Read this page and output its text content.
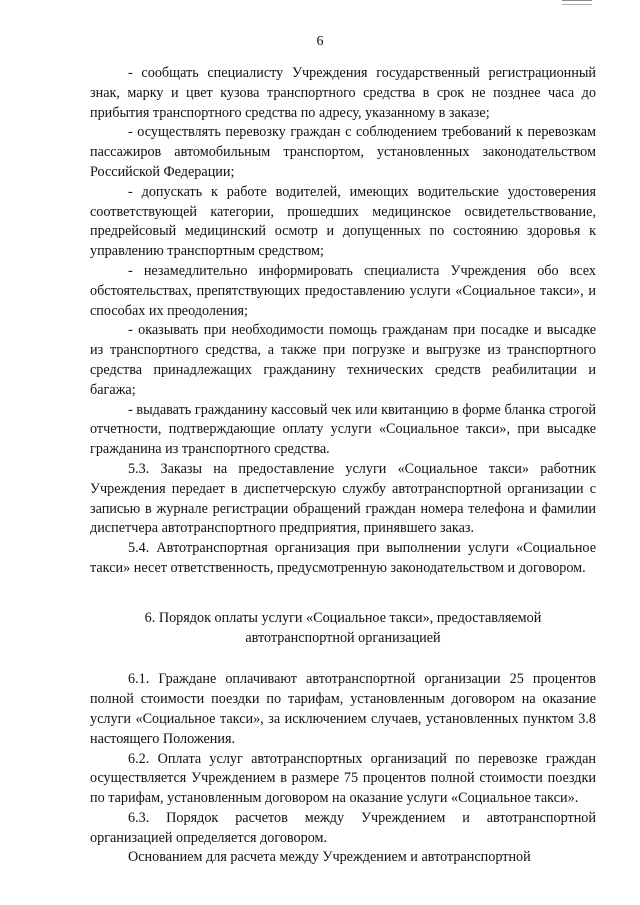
6

- сообщать специалисту Учреждения государственный регистрационный знак, марку и цвет кузова транспортного средства в срок не позднее часа до прибытия транспортного средства по адресу, указанному в заказе;

- осуществлять перевозку граждан с соблюдением требований к перевозкам пассажиров автомобильным транспортом, установленных законодательством Российской Федерации;

- допускать к работе водителей, имеющих водительские удостоверения соответствующей категории, прошедших медицинское освидетельствование, предрейсовый медицинский осмотр и допущенных по состоянию здоровья к управлению транспортным средством;

- незамедлительно информировать специалиста Учреждения обо всех обстоятельствах, препятствующих предоставлению услуги «Социальное такси», и способах их преодоления;

- оказывать при необходимости помощь гражданам при посадке и высадке из транспортного средства, а также при погрузке и выгрузке из транспортного средства принадлежащих гражданину технических средств реабилитации и багажа;

- выдавать гражданину кассовый чек или квитанцию в форме бланка строгой отчетности, подтверждающие оплату услуги «Социальное такси», при высадке гражданина из транспортного средства.

5.3. Заказы на предоставление услуги «Социальное такси» работник Учреждения передает в диспетчерскую службу автотранспортной организации с записью в журнале регистрации обращений граждан номера телефона и фамилии диспетчера автотранспортного предприятия, принявшего заказ.

5.4. Автотранспортная организация при выполнении услуги «Социальное такси» несет ответственность, предусмотренную законодательством и договором.

6. Порядок оплаты услуги «Социальное такси», предоставляемой
автотранспортной организацией

6.1. Граждане оплачивают автотранспортной организации 25 процентов полной стоимости поездки по тарифам, установленным договором на оказание услуги «Социальное такси», за исключением случаев, установленных пунктом 3.8 настоящего Положения.

6.2. Оплата услуг автотранспортных организаций по перевозке граждан осуществляется Учреждением в размере 75 процентов полной стоимости поездки по тарифам, установленным договором на оказание услуги «Социальное такси».

6.3. Порядок расчетов между Учреждением и автотранспортной организацией определяется договором.

Основанием для расчета между Учреждением и автотранспортной
